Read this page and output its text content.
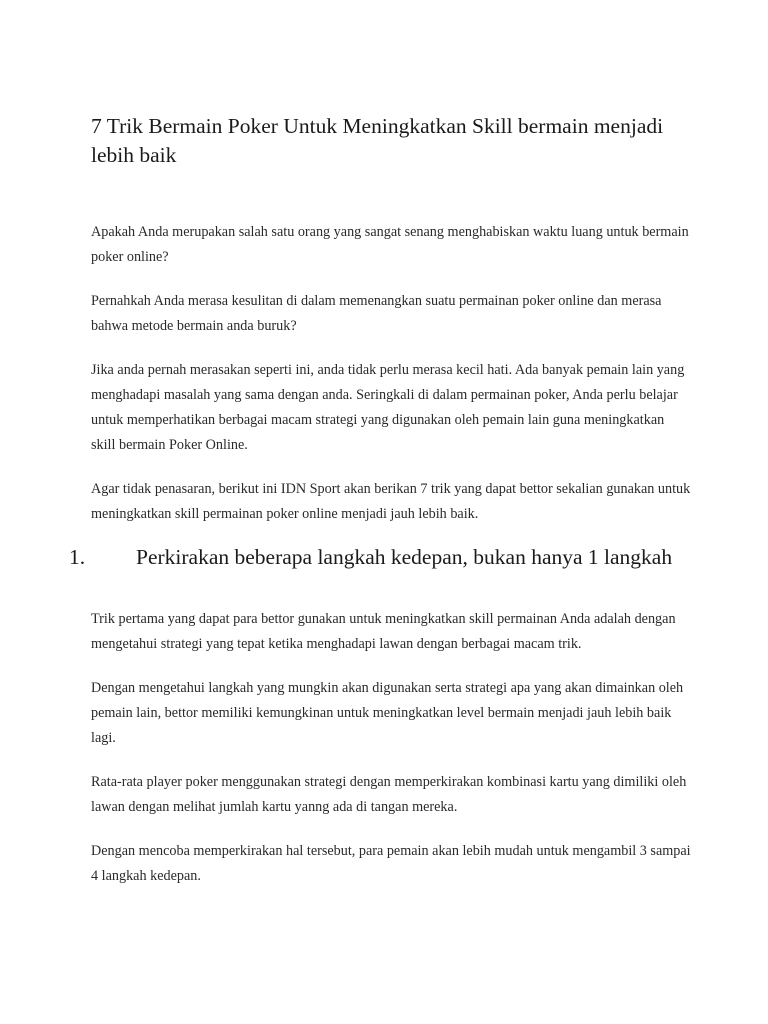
7 Trik Bermain Poker Untuk Meningkatkan Skill bermain menjadi lebih baik

Apakah Anda merupakan salah satu orang yang sangat senang menghabiskan waktu luang untuk bermain poker online?

Pernahkah Anda merasa kesulitan di dalam memenangkan suatu permainan poker online dan merasa bahwa metode bermain anda buruk?

Jika anda pernah merasakan seperti ini, anda tidak perlu merasa kecil hati. Ada banyak pemain lain yang menghadapi masalah yang sama dengan anda. Seringkali di dalam permainan poker, Anda perlu belajar untuk memperhatikan berbagai macam strategi yang digunakan oleh pemain lain guna meningkatkan skill bermain Poker Online.

Agar tidak penasaran, berikut ini IDN Sport akan berikan 7 trik yang dapat bettor sekalian gunakan untuk meningkatkan skill permainan poker online menjadi jauh lebih baik.

1. Perkirakan beberapa langkah kedepan, bukan hanya 1 langkah

Trik pertama yang dapat para bettor gunakan untuk meningkatkan skill permainan Anda adalah dengan mengetahui strategi yang tepat ketika menghadapi lawan dengan berbagai macam trik.

Dengan mengetahui langkah yang mungkin akan digunakan serta strategi apa yang akan dimainkan oleh pemain lain, bettor memiliki kemungkinan untuk meningkatkan level bermain menjadi jauh lebih baik lagi.

Rata-rata player poker menggunakan strategi dengan memperkirakan kombinasi kartu yang dimiliki oleh lawan dengan melihat jumlah kartu yanng ada di tangan mereka.

Dengan mencoba memperkirakan hal tersebut, para pemain akan lebih mudah untuk mengambil 3 sampai 4 langkah kedepan.
